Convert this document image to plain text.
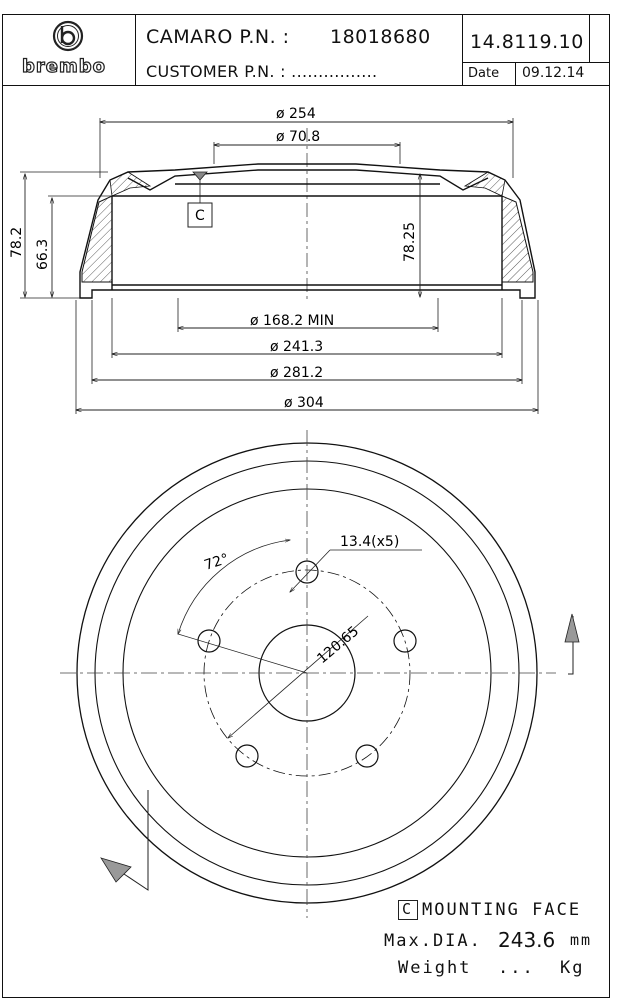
brembo
CAMARO P.N. : 18018680
CUSTOMER P.N. : ................
14.8119.10
Date 09.12.14
ø 254
ø 70.8
ø 168.2 MIN
ø 241.3
ø 281.2
ø 304
78.2 66.3	78.25
C
72°
13.4(x5)
120.65
C MOUNTING FACE
Max.DIA. 243.6 mm
Weight ... Kg
